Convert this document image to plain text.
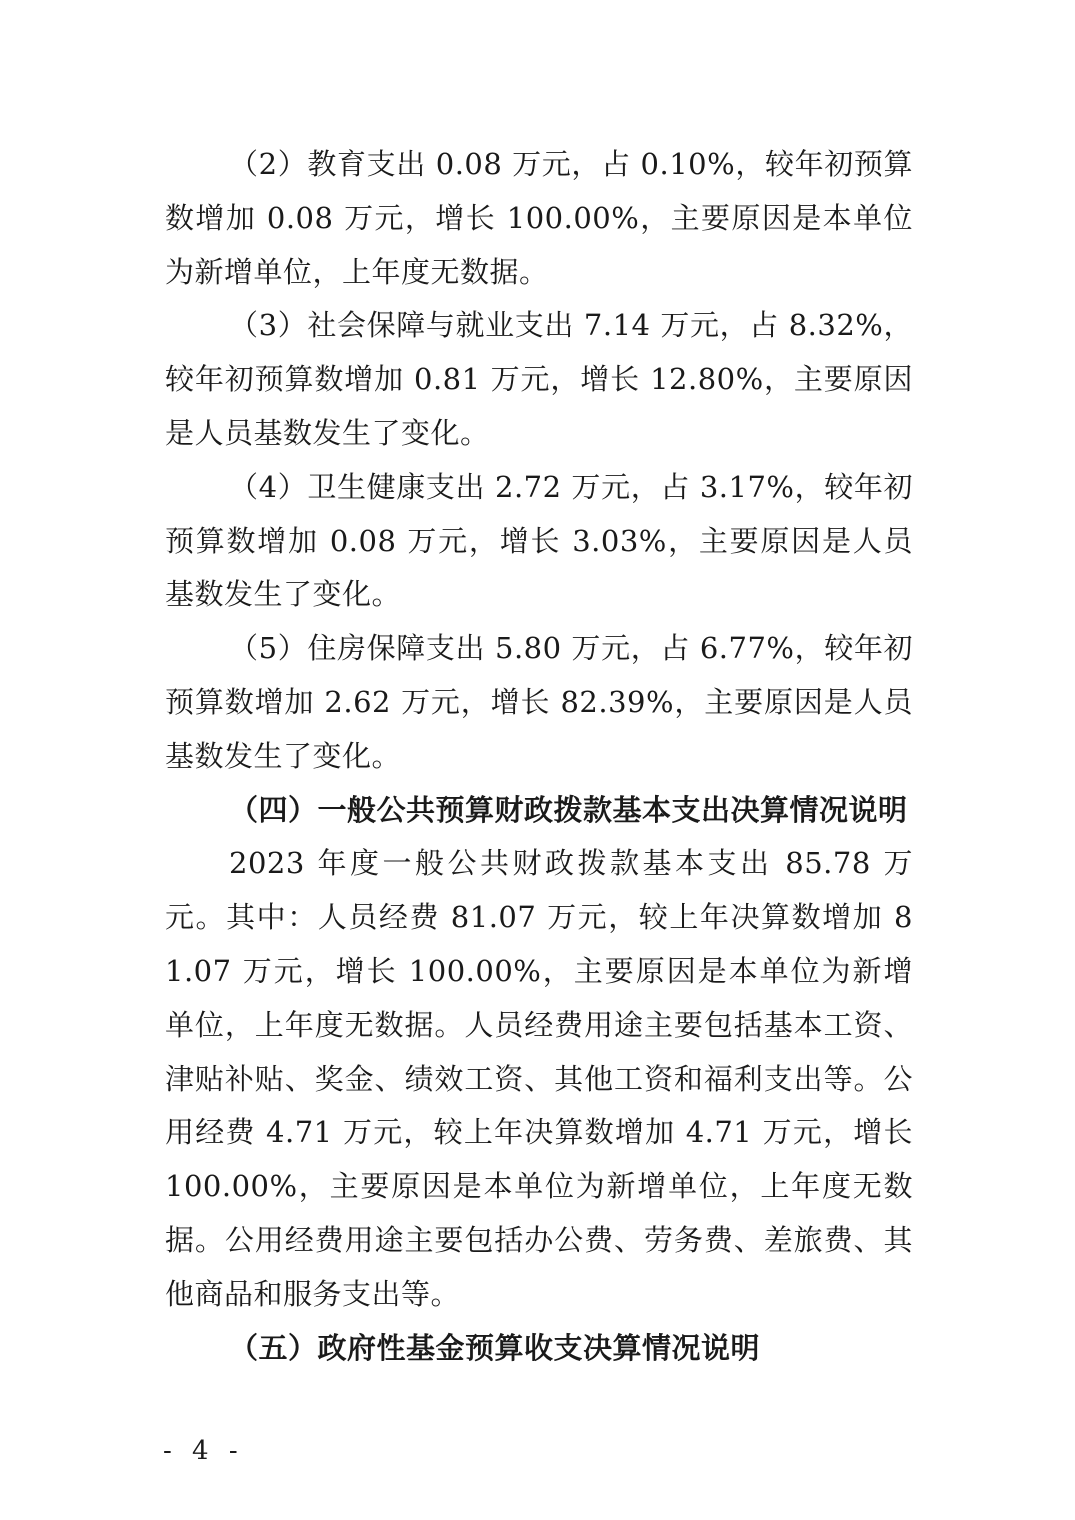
（2）教育支出 0.08 万元，占 0.10%，较年初预算数增加 0.08 万元，增长 100.00%，主要原因是本单位为新增单位，上年度无数据。

（3）社会保障与就业支出 7.14 万元，占 8.32%，较年初预算数增加 0.81 万元，增长 12.80%，主要原因是人员基数发生了变化。

（4）卫生健康支出 2.72 万元，占 3.17%，较年初预算数增加 0.08 万元，增长 3.03%，主要原因是人员基数发生了变化。

（5）住房保障支出 5.80 万元，占 6.77%，较年初预算数增加 2.62 万元，增长 82.39%，主要原因是人员基数发生了变化。

（四）一般公共预算财政拨款基本支出决算情况说明

2023 年度一般公共财政拨款基本支出 85.78 万元。其中：人员经费 81.07 万元，较上年决算数增加 81.07 万元，增长 100.00%，主要原因是本单位为新增单位，上年度无数据。人员经费用途主要包括基本工资、津贴补贴、奖金、绩效工资、其他工资和福利支出等。公用经费 4.71 万元，较上年决算数增加 4.71 万元，增长 100.00%，主要原因是本单位为新增单位，上年度无数据。公用经费用途主要包括办公费、劳务费、差旅费、其他商品和服务支出等。

（五）政府性基金预算收支决算情况说明

- 4 -
